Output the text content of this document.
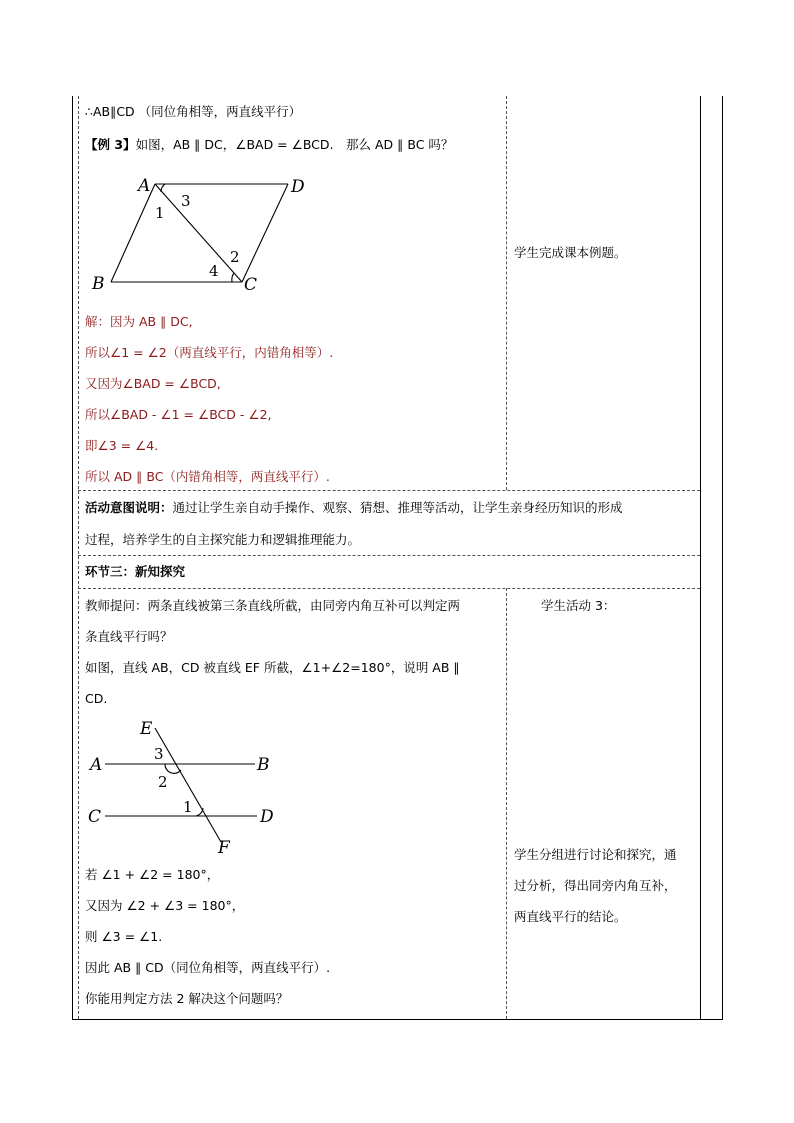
∴AB∥CD （同位角相等，两直线平行）
【例 3】如图，AB ∥ DC，∠BAD = ∠BCD.　那么 AD ∥ BC 吗？
A	D
B	C
1
3
2
4
解：因为 AB ∥ DC,
所以∠1 = ∠2（两直线平行，内错角相等）.
又因为∠BAD = ∠BCD,
所以∠BAD - ∠1 = ∠BCD - ∠2,
即∠3 = ∠4.
所以 AD ∥ BC（内错角相等，两直线平行）.
学生完成课本例题。
活动意图说明：通过让学生亲自动手操作、观察、猜想、推理等活动，让学生亲身经历知识的形成
过程，培养学生的自主探究能力和逻辑推理能力。
环节三：新知探究
教师提问：两条直线被第三条直线所截，由同旁内角互补可以判定两
条直线平行吗？
如图，直线 AB，CD 被直线 EF 所截，∠1+∠2=180°，说明 AB ∥
CD.
E
A	B
C	D
F
3
2
1
若 ∠1 + ∠2 = 180°，
又因为 ∠2 + ∠3 = 180°，
则 ∠3 = ∠1.
因此 AB ∥ CD（同位角相等，两直线平行）.
你能用判定方法 2 解决这个问题吗？
学生活动 3：
学生分组进行讨论和探究，通
过分析，得出同旁内角互补，
两直线平行的结论。
